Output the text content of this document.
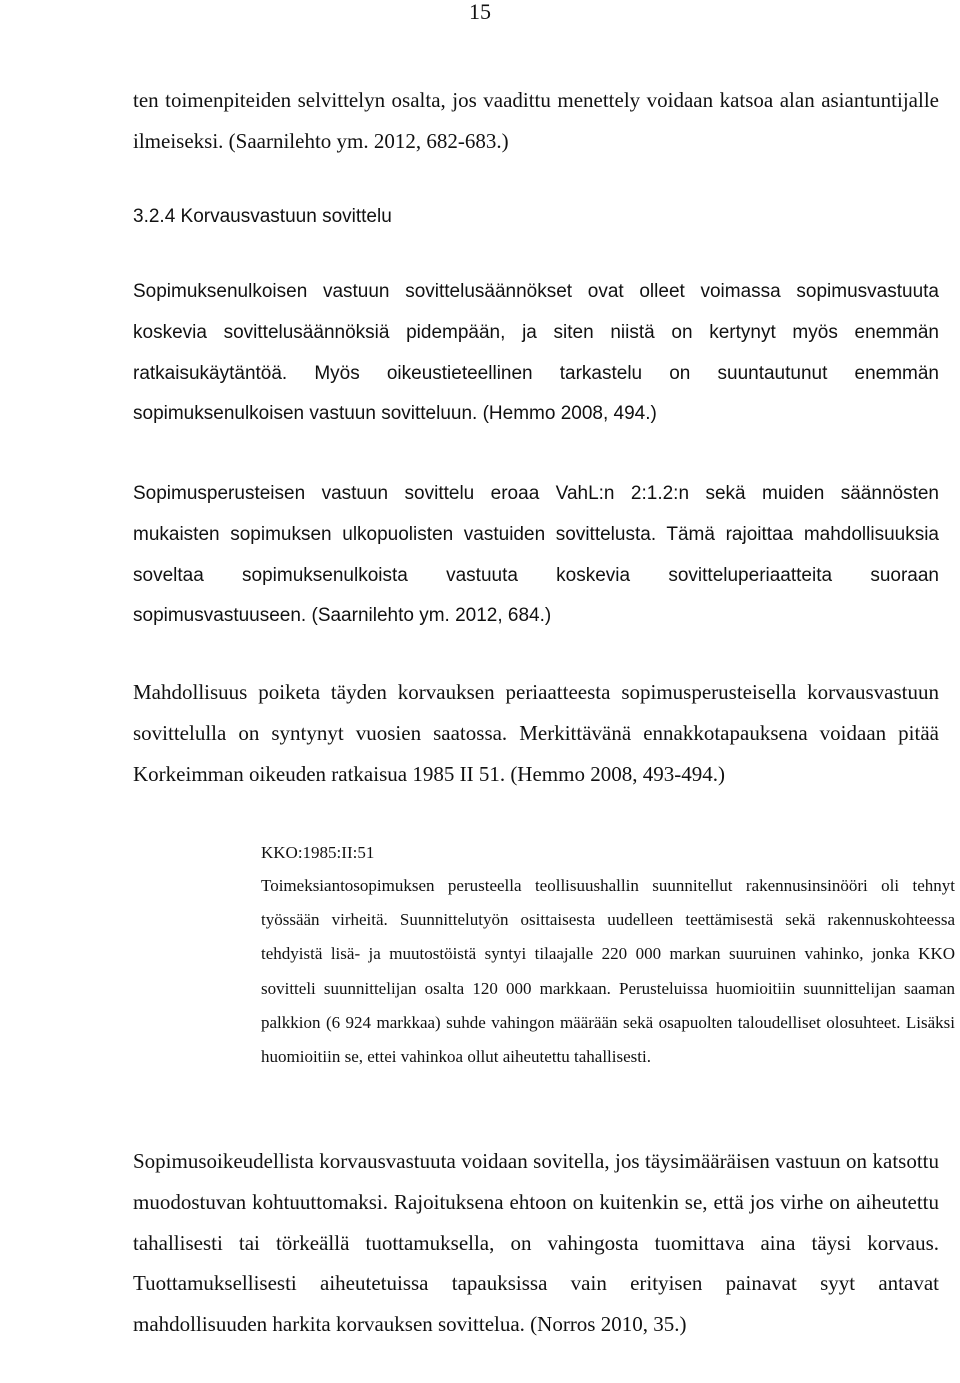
15

ten toimenpiteiden selvittelyn osalta, jos vaadittu menettely voidaan katsoa alan asiantuntijalle ilmeiseksi. (Saarnilehto ym. 2012, 682-683.)

3.2.4 Korvausvastuun sovittelu

Sopimuksenulkoisen vastuun sovittelusäännökset ovat olleet voimassa sopimusvastuuta koskevia sovittelusäännöksiä pidempään, ja siten niistä on kertynyt myös enemmän ratkaisukäytäntöä. Myös oikeustieteellinen tarkastelu on suuntautunut enemmän sopimuksenulkoisen vastuun sovitteluun. (Hemmo 2008, 494.)

Sopimusperusteisen vastuun sovittelu eroaa VahL:n 2:1.2:n sekä muiden säännösten mukaisten sopimuksen ulkopuolisten vastuiden sovittelusta. Tämä rajoittaa mahdollisuuksia soveltaa sopimuksenulkoista vastuuta koskevia sovitteluperiaatteita suoraan sopimusvastuuseen. (Saarnilehto ym. 2012, 684.)

Mahdollisuus poiketa täyden korvauksen periaatteesta sopimusperusteisella korvausvastuun sovittelulla on syntynyt vuosien saatossa. Merkittävänä ennakkotapauksena voidaan pitää Korkeimman oikeuden ratkaisua 1985 II 51. (Hemmo 2008, 493-494.)

KKO:1985:II:51

Toimeksiantosopimuksen perusteella teollisuushallin suunnitellut rakennusinsinööri oli tehnyt työssään virheitä. Suunnittelutyön osittaisesta uudelleen teettämisestä sekä rakennuskohteessa tehdyistä lisä- ja muutostöistä syntyi tilaajalle 220 000 markan suuruinen vahinko, jonka KKO sovitteli suunnittelijan osalta 120 000 markkaan. Perusteluissa huomioitiin suunnittelijan saaman palkkion (6 924 markkaa) suhde vahingon määrään sekä osapuolten taloudelliset olosuhteet. Lisäksi huomioitiin se, ettei vahinkoa ollut aiheutettu tahallisesti.

Sopimusoikeudellista korvausvastuuta voidaan sovitella, jos täysimääräisen vastuun on katsottu muodostuvan kohtuuttomaksi. Rajoituksena ehtoon on kuitenkin se, että jos virhe on aiheutettu tahallisesti tai törkeällä tuottamuksella, on vahingosta tuomittava aina täysi korvaus. Tuottamuksellisesti aiheutetuissa tapauksissa vain erityisen painavat syyt antavat mahdollisuuden harkita korvauksen sovittelua. (Norros 2010, 35.)
